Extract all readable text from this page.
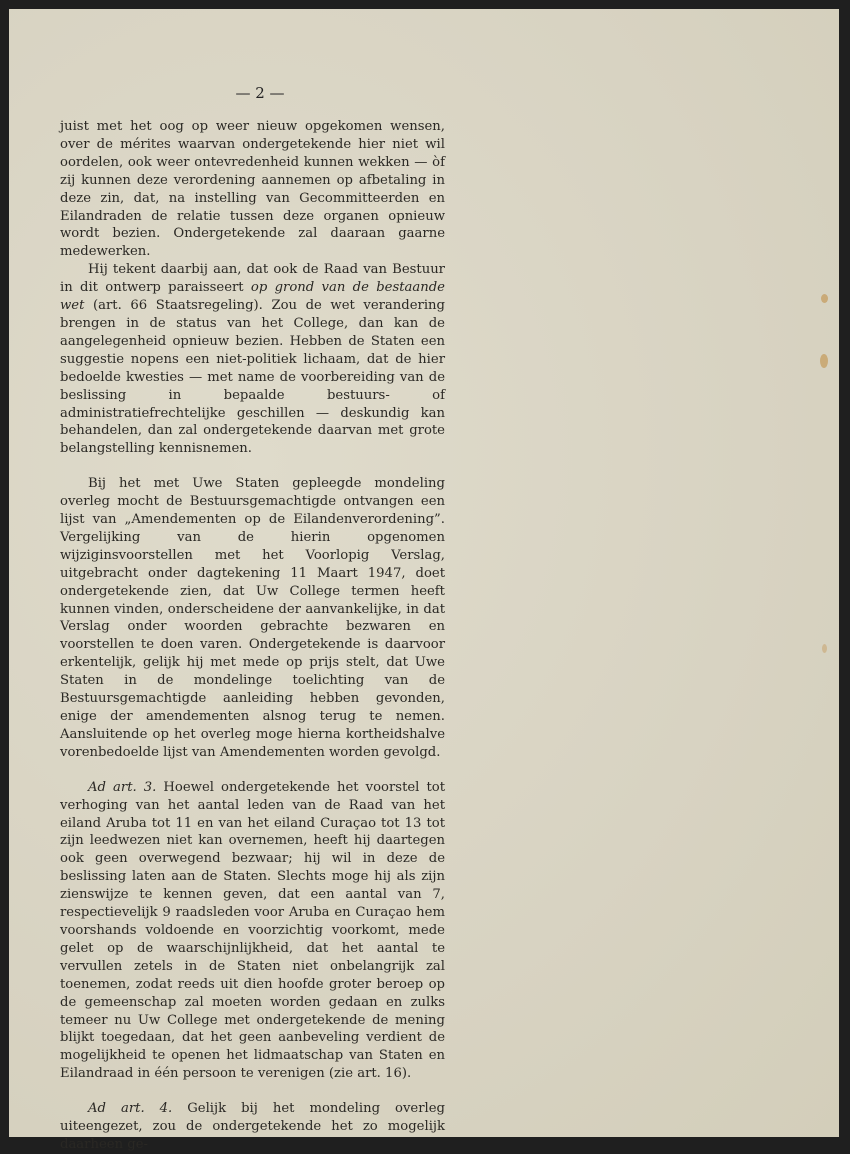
— 2 —

juist met het oog op weer nieuw opgekomen wensen, over de mérites waarvan ondergetekende hier niet wil oordelen, ook weer ontevredenheid kunnen wekken — òf zij kunnen deze verordening aannemen op afbetaling in deze zin, dat, na instelling van Gecommitteerden en Eilandraden de relatie tussen deze organen opnieuw wordt bezien. Ondergetekende zal daaraan gaarne medewerken.

Hij tekent daarbij aan, dat ook de Raad van Bestuur in dit ontwerp paraisseert op grond van de bestaande wet (art. 66 Staatsregeling). Zou de wet verandering brengen in de status van het College, dan kan de aangelegenheid opnieuw bezien. Hebben de Staten een suggestie nopens een niet-politiek lichaam, dat de hier bedoelde kwesties — met name de voorbereiding van de beslissing in bepaalde bestuurs- of administratiefrechtelijke geschillen — deskundig kan behandelen, dan zal ondergetekende daarvan met grote belangstelling kennisnemen.

Bij het met Uwe Staten gepleegde mondeling overleg mocht de Bestuursgemachtigde ontvangen een lijst van „Amendementen op de Eilandenverordening”. Vergelijking van de hierin opgenomen wijziginsvoorstellen met het Voorlopig Verslag, uitgebracht onder dagtekening 11 Maart 1947, doet ondergetekende zien, dat Uw College termen heeft kunnen vinden, onderscheidene der aanvankelijke, in dat Verslag onder woorden gebrachte bezwaren en voorstellen te doen varen. Ondergetekende is daarvoor erkentelijk, gelijk hij met mede op prijs stelt, dat Uwe Staten in de mondelinge toelichting van de Bestuursgemachtigde aanleiding hebben gevonden, enige der amendementen alsnog terug te nemen. Aansluitende op het overleg moge hierna kortheidshalve vorenbedoelde lijst van Amendementen worden gevolgd.

Ad art. 3. Hoewel ondergetekende het voorstel tot verhoging van het aantal leden van de Raad van het eiland Aruba tot 11 en van het eiland Curaçao tot 13 tot zijn leedwezen niet kan overnemen, heeft hij daartegen ook geen overwegend bezwaar; hij wil in deze de beslissing laten aan de Staten. Slechts moge hij als zijn zienswijze te kennen geven, dat een aantal van 7, respectievelijk 9 raadsleden voor Aruba en Curaçao hem voorshands voldoende en voorzichtig voorkomt, mede gelet op de waarschijnlijkheid, dat het aantal te vervullen zetels in de Staten niet onbelangrijk zal toenemen, zodat reeds uit dien hoofde groter beroep op de gemeenschap zal moeten worden gedaan en zulks temeer nu Uw College met ondergetekende de mening blijkt toegedaan, dat het geen aanbeveling verdient de mogelijkheid te openen het lidmaatschap van Staten en Eilandraad in één persoon te verenigen (zie art. 16).

Ad art. 4. Gelijk bij het mondeling overleg uiteengezet, zou de ondergetekende het zo mogelijk daarheen ge-
